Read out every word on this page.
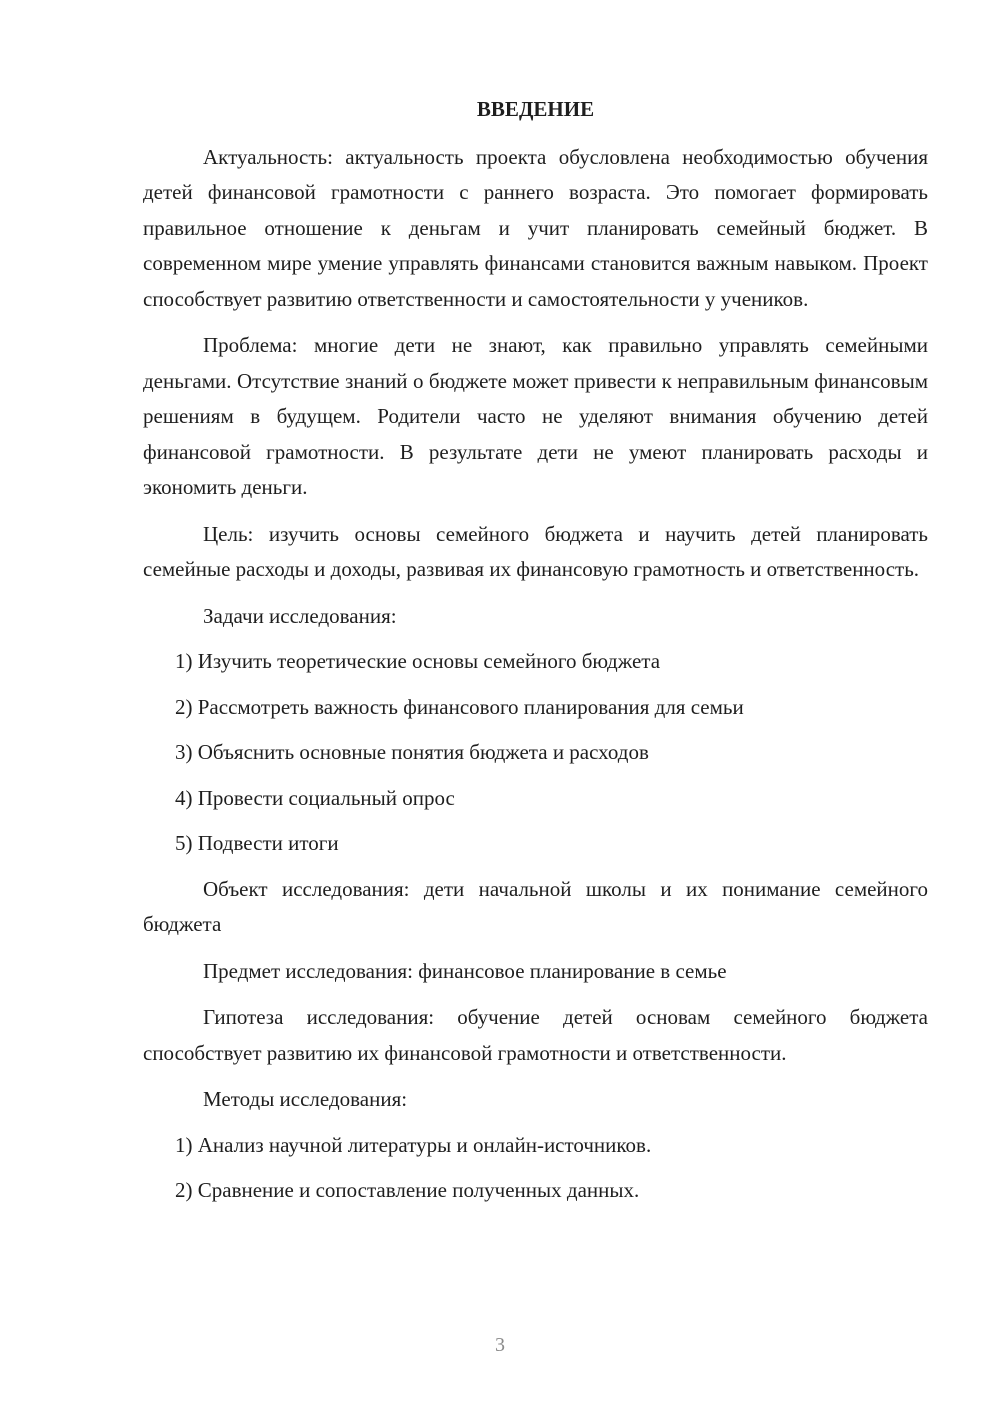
ВВЕДЕНИЕ

Актуальность: актуальность проекта обусловлена необходимостью обучения детей финансовой грамотности с раннего возраста. Это помогает формировать правильное отношение к деньгам и учит планировать семейный бюджет. В современном мире умение управлять финансами становится важным навыком. Проект способствует развитию ответственности и самостоятельности у учеников.

Проблема: многие дети не знают, как правильно управлять семейными деньгами. Отсутствие знаний о бюджете может привести к неправильным финансовым решениям в будущем. Родители часто не уделяют внимания обучению детей финансовой грамотности. В результате дети не умеют планировать расходы и экономить деньги.

Цель: изучить основы семейного бюджета и научить детей планировать семейные расходы и доходы, развивая их финансовую грамотность и ответственность.

Задачи исследования:

1) Изучить теоретические основы семейного бюджета

2) Рассмотреть важность финансового планирования для семьи

3) Объяснить основные понятия бюджета и расходов

4) Провести социальный опрос

5) Подвести итоги

Объект исследования: дети начальной школы и их понимание семейного бюджета

Предмет исследования: финансовое планирование в семье

Гипотеза исследования: обучение детей основам семейного бюджета способствует развитию их финансовой грамотности и ответственности.

Методы исследования:

1) Анализ научной литературы и онлайн-источников.

2) Сравнение и сопоставление полученных данных.

3
